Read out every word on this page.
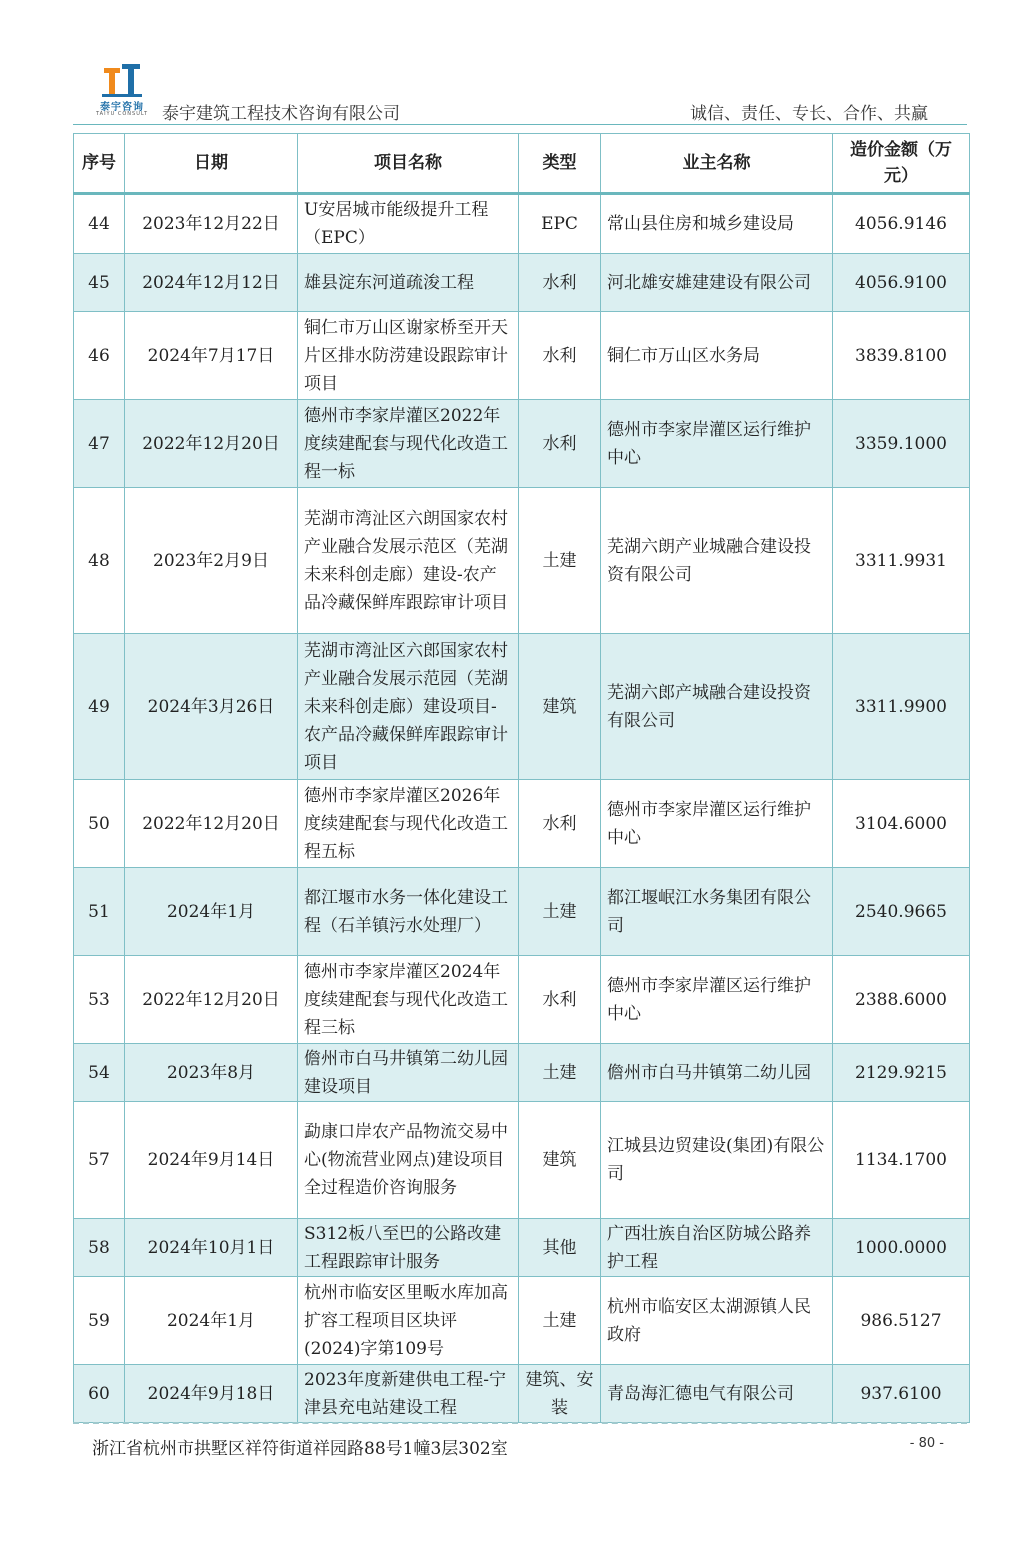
泰宇咨询
TAIYU CONSULT 泰宇建筑工程技术咨询有限公司	诚信、责任、专长、合作、共赢
序号	日期	项目名称	类型	业主名称	造价金额（万元）
44	2023年12月22日	U安居城市能级提升工程（EPC）	EPC	常山县住房和城乡建设局	4056.9146
45	2024年12月12日	雄县淀东河道疏浚工程	水利	河北雄安雄建建设有限公司	4056.9100
46	2024年7月17日	铜仁市万山区谢家桥至开天片区排水防涝建设跟踪审计项目	水利	铜仁市万山区水务局	3839.8100
47	2022年12月20日	德州市李家岸灌区2022年度续建配套与现代化改造工程一标	水利	德州市李家岸灌区运行维护中心	3359.1000
48	2023年2月9日	芜湖市湾沚区六朗国家农村产业融合发展示范区（芜湖未来科创走廊）建设-农产品冷藏保鲜库跟踪审计项目	土建	芜湖六朗产业城融合建设投资有限公司	3311.9931
49	2024年3月26日	芜湖市湾沚区六郎国家农村产业融合发展示范园（芜湖未来科创走廊）建设项目-农产品冷藏保鲜库跟踪审计项目	建筑	芜湖六郎产城融合建设投资有限公司	3311.9900
50	2022年12月20日	德州市李家岸灌区2026年度续建配套与现代化改造工程五标	水利	德州市李家岸灌区运行维护中心	3104.6000
51	2024年1月	都江堰市水务一体化建设工程（石羊镇污水处理厂）	土建	都江堰岷江水务集团有限公司	2540.9665
53	2022年12月20日	德州市李家岸灌区2024年度续建配套与现代化改造工程三标	水利	德州市李家岸灌区运行维护中心	2388.6000
54	2023年8月	儋州市白马井镇第二幼儿园建设项目	土建	儋州市白马井镇第二幼儿园	2129.9215
57	2024年9月14日	勐康口岸农产品物流交易中心(物流营业网点)建设项目全过程造价咨询服务	建筑	江城县边贸建设(集团)有限公司	1134.1700
58	2024年10月1日	S312板八至巴的公路改建工程跟踪审计服务	其他	广西壮族自治区防城公路养护工程	1000.0000
59	2024年1月	杭州市临安区里畈水库加高扩容工程项目区块评(2024)字第109号	土建	杭州市临安区太湖源镇人民政府	986.5127
60	2024年9月18日	2023年度新建供电工程-宁津县充电站建设工程	建筑、安装	青岛海汇德电气有限公司	937.6100
浙江省杭州市拱墅区祥符街道祥园路88号1幢3层302室	- 80 -
